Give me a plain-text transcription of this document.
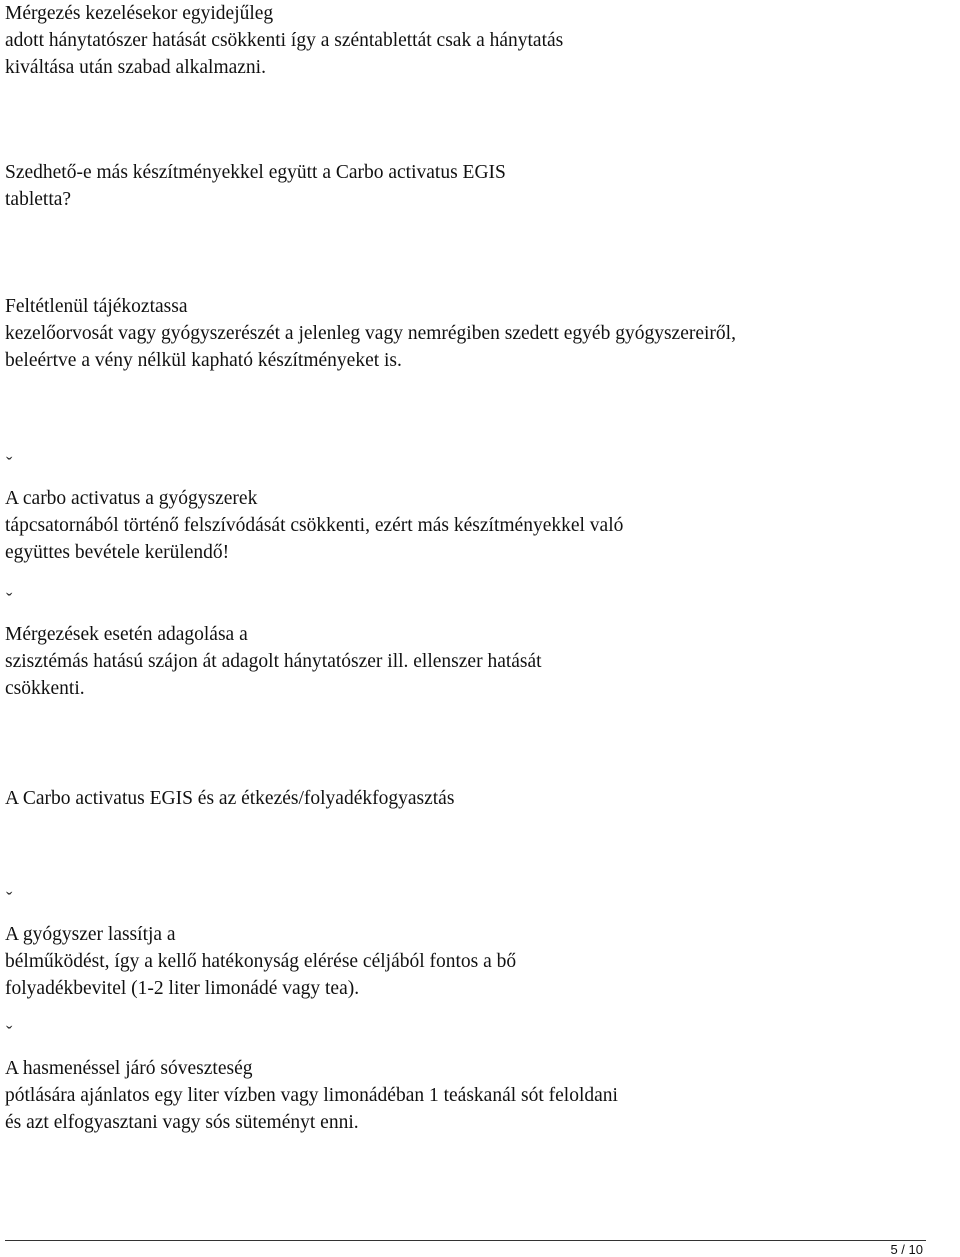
Mérgezés kezelésekor egyidejűleg
adott hánytatószer hatását csökkenti így a széntablettát csak a hánytatás
kiváltása után szabad alkalmazni.
Szedhető-e más készítményekkel együtt a Carbo activatus EGIS
tabletta?
Feltétlenül tájékoztassa
kezelőorvosát vagy gyógyszerészét a jelenleg vagy nemrégiben szedett egyéb gyógyszereiről,
beleértve a vény nélkül kapható készítményeket is.
ˇ
A carbo activatus a gyógyszerek
tápcsatornából történő felszívódását csökkenti, ezért más készítményekkel való
együttes bevétele kerülendő!
ˇ
Mérgezések esetén adagolása a
szisztémás hatású szájon át adagolt hánytatószer ill. ellenszer hatását
csökkenti.
A Carbo activatus EGIS és az étkezés/folyadékfogyasztás
ˇ
A gyógyszer lassítja a
bélműködést, így a kellő hatékonyság elérése céljából fontos a bő
folyadékbevitel (1-2 liter limonádé vagy tea).
ˇ
A hasmenéssel járó sóveszteség
pótlására ajánlatos egy liter vízben vagy limonádéban 1 teáskanál sót feloldani
és azt elfogyasztani vagy sós süteményt enni.
5 / 10
